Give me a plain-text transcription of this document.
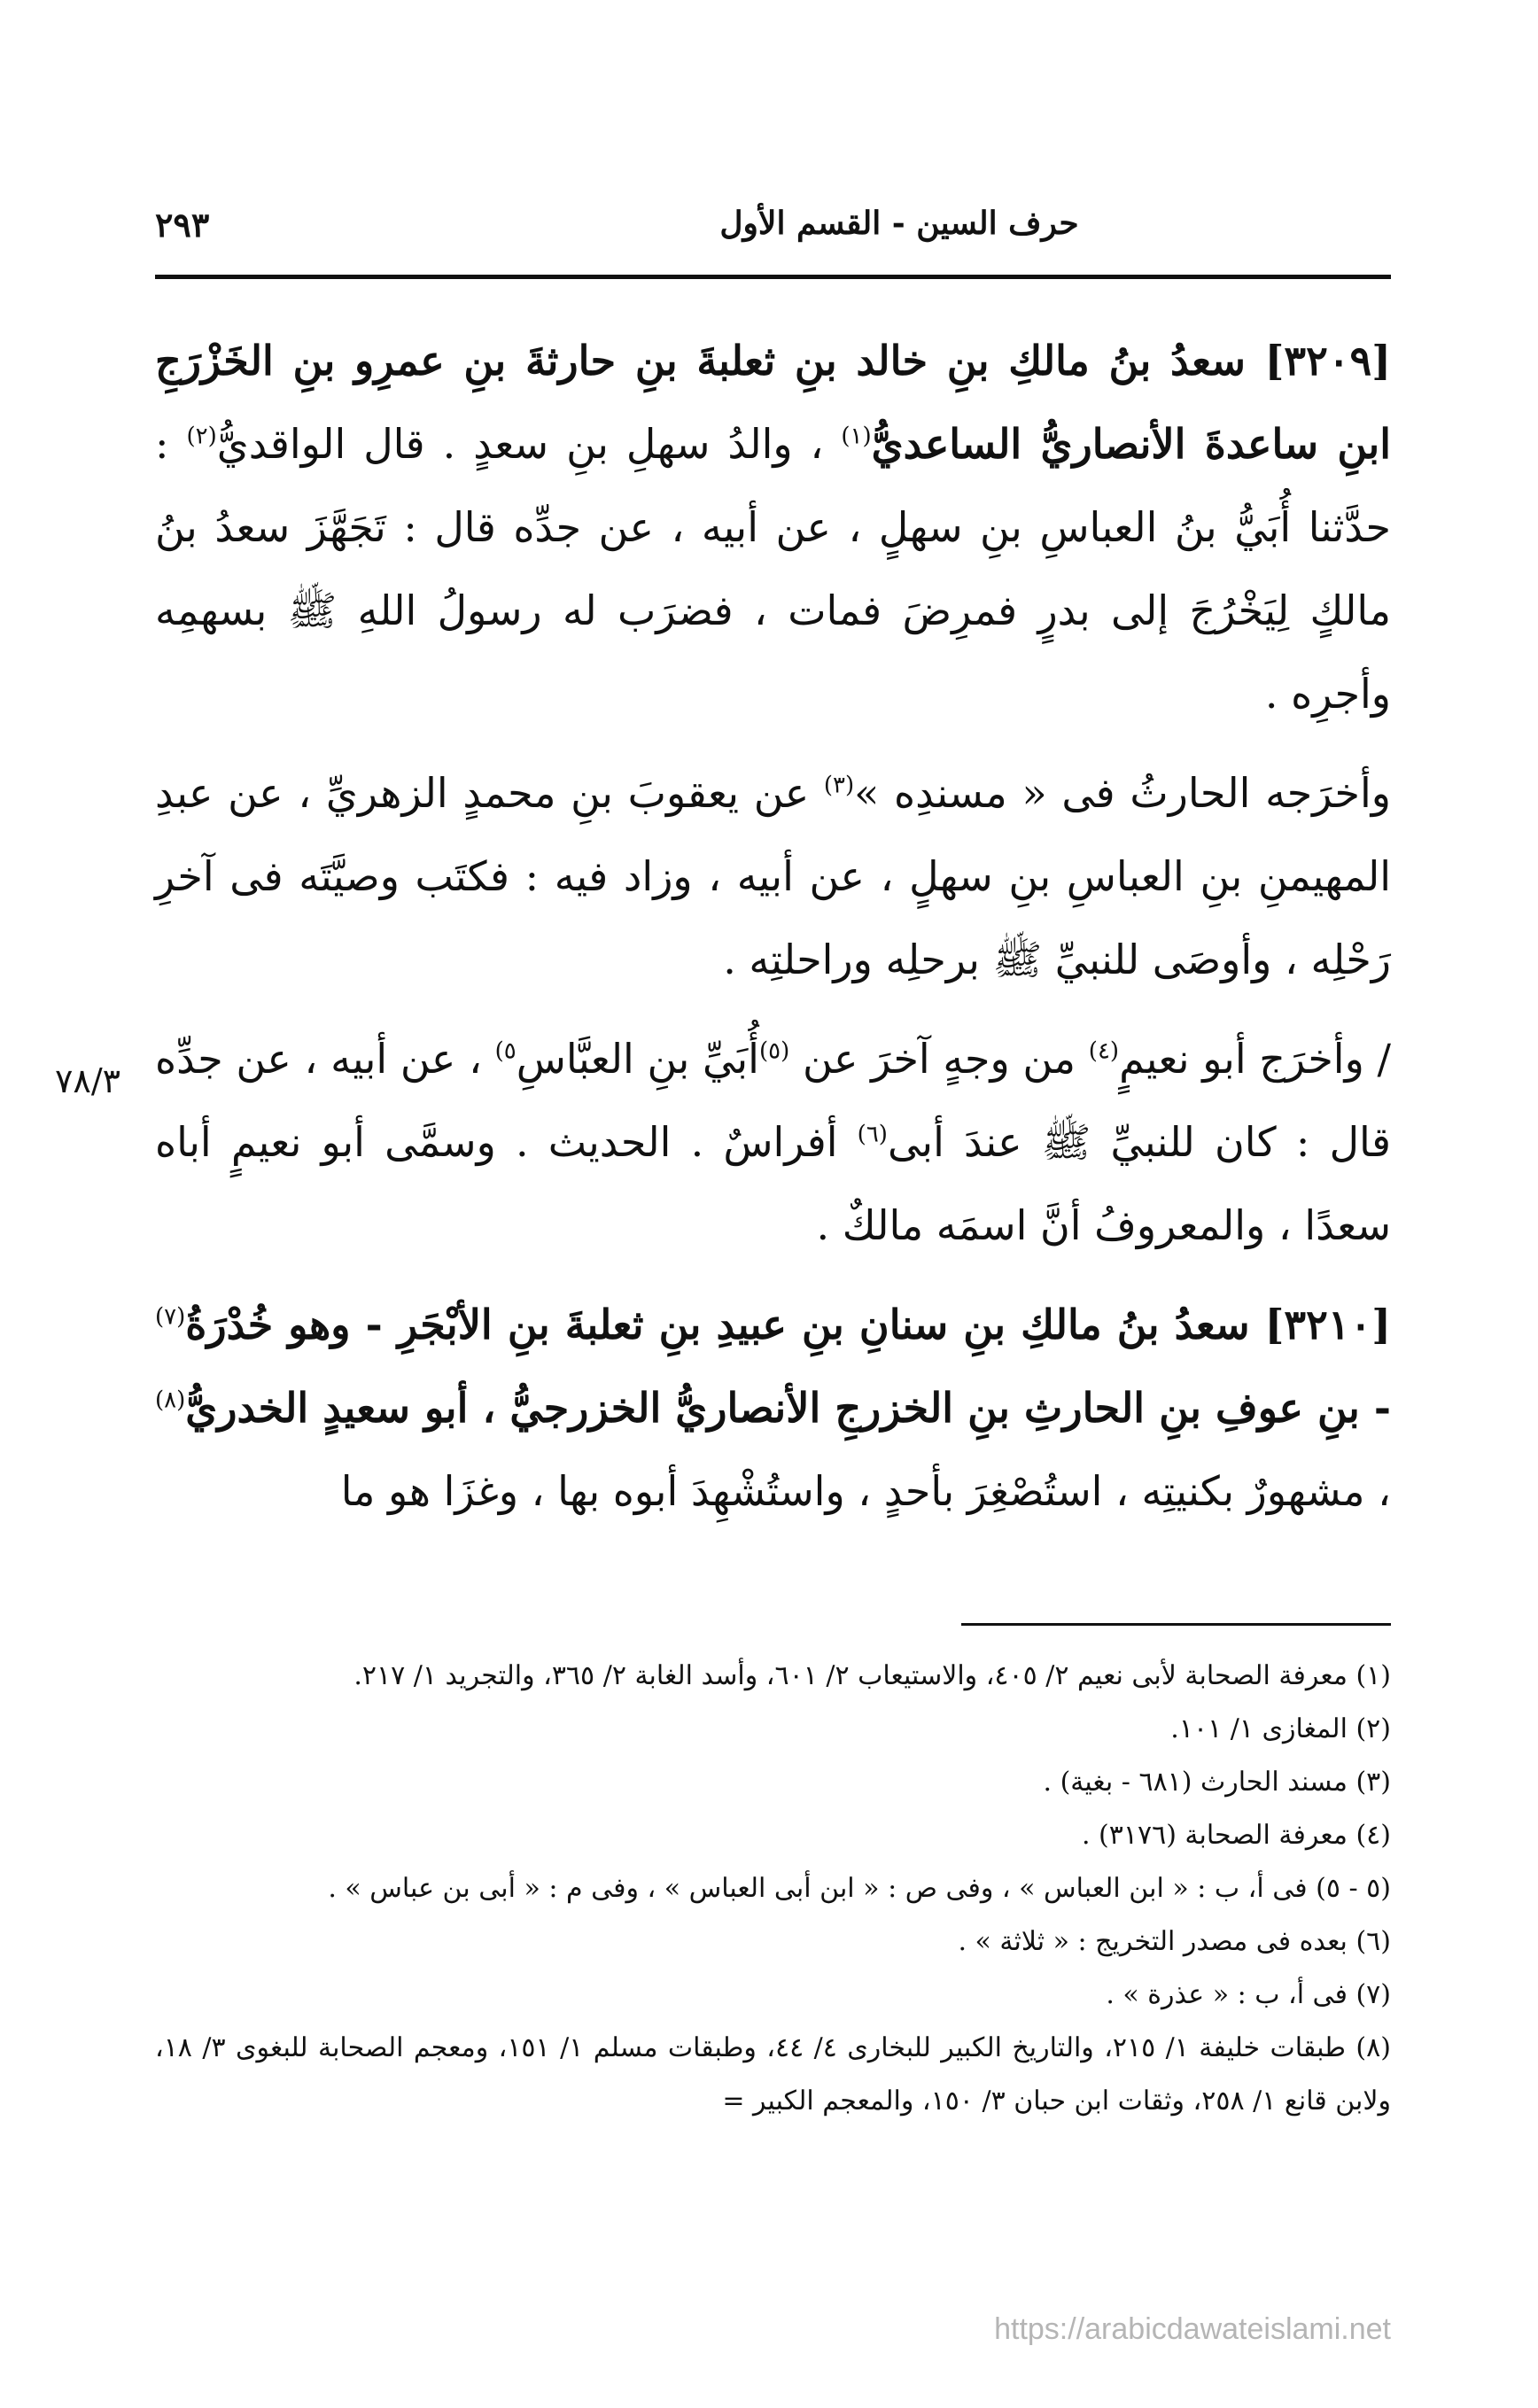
٢٩٣	حرف السين - القسم الأول

[٣٢٠٩] سعدُ بنُ مالكِ بنِ خالد بنِ ثعلبةَ بنِ حارثةَ بنِ عمرِو بنِ الخَزْرَجِ ابنِ ساعدةَ الأنصاريُّ الساعديُّ$^{(١)}$ ، والدُ سهلِ بنِ سعدٍ . قال الواقديُّ$^{(٢)}$ : حدَّثنا أُبَيُّ بنُ العباسِ بنِ سهلٍ ، عن أبيه ، عن جدِّه قال : تَجَهَّزَ سعدُ بنُ مالكٍ لِيَخْرُجَ إلى بدرٍ فمرِضَ فمات ، فضرَب له رسولُ اللهِ ﷺ بسهمِه وأجرِه .

وأخرَجه الحارثُ فى « مسندِه »$^{(٣)}$ عن يعقوبَ بنِ محمدٍ الزهريِّ ، عن عبدِ المهيمنِ بنِ العباسِ بنِ سهلٍ ، عن أبيه ، وزاد فيه : فكتَب وصيَّتَه فى آخرِ رَحْلِه ، وأوصَى للنبيِّ ﷺ برحلِه وراحلتِه .

/ وأخرَج أبو نعيمٍ$^{(٤)}$ من وجهٍ آخرَ عن $^{(٥)}$أُبَيِّ بنِ العبَّاسِ$^{٥)}$ ، عن أبيه ، عن جدِّه قال : كان للنبيِّ ﷺ عندَ أبى$^{(٦)}$ أفراسٌ . الحديث . وسمَّى أبو نعيمٍ أباه سعدًا ، والمعروفُ أنَّ اسمَه مالكٌ .

[٣٢١٠] سعدُ بنُ مالكِ بنِ سنانِ بنِ عبيدِ بنِ ثعلبةَ بنِ الأبْجَرِ - وهو خُدْرَةُ$^{(٧)}$ - بنِ عوفِ بنِ الحارثِ بنِ الخزرجِ الأنصاريُّ الخزرجيُّ ، أبو سعيدٍ الخدريُّ$^{(٨)}$ ، مشهورٌ بكنيتِه ، استُصْغِرَ بأحدٍ ، واستُشْهِدَ أبوه بها ، وغزَا هو ما

٧٨/٣

(١) معرفة الصحابة لأبى نعيم ٢/ ٤٠٥، والاستيعاب ٢/ ٦٠١، وأسد الغابة ٢/ ٣٦٥، والتجريد ١/ ٢١٧.

(٢) المغازى ١/ ١٠١.

(٣) مسند الحارث (٦٨١ - بغية) .

(٤) معرفة الصحابة (٣١٧٦) .

(٥ - ٥) فى أ، ب : « ابن العباس » ، وفى ص : « ابن أبى العباس » ، وفى م : « أبى بن عباس » .

(٦) بعده فى مصدر التخريج : « ثلاثة » .

(٧) فى أ، ب : « عذرة » .

(٨) طبقات خليفة ١/ ٢١٥، والتاريخ الكبير للبخارى ٤/ ٤٤، وطبقات مسلم ١/ ١٥١، ومعجم الصحابة للبغوى ٣/ ١٨، ولابن قانع ١/ ٢٥٨، وثقات ابن حبان ٣/ ١٥٠، والمعجم الكبير =

https://arabicdawateislami.net
